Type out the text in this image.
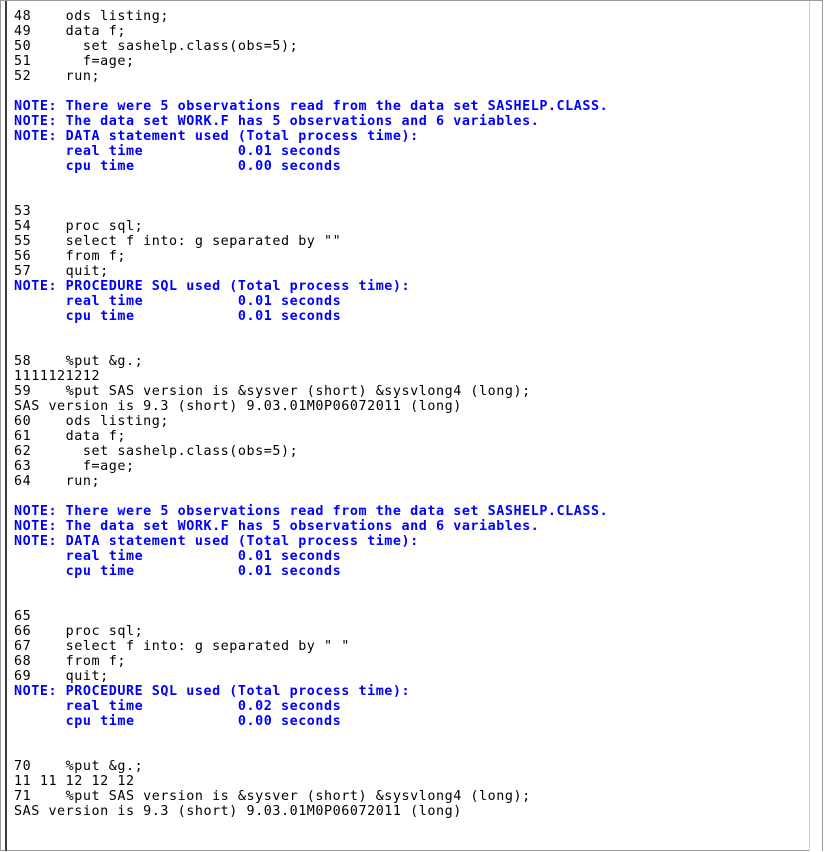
48    ods listing;
49    data f;
50      set sashelp.class(obs=5);
51      f=age;
52    run;

NOTE: There were 5 observations read from the data set SASHELP.CLASS.
NOTE: The data set WORK.F has 5 observations and 6 variables.
NOTE: DATA statement used (Total process time):
real time           0.01 seconds
cpu time            0.00 seconds

53
54    proc sql;
55    select f into: g separated by ""
56    from f;
57    quit;
NOTE: PROCEDURE SQL used (Total process time):
real time           0.01 seconds
cpu time            0.01 seconds

58    %put &g.;
1111121212
59    %put SAS version is &sysver (short) &sysvlong4 (long);
SAS version is 9.3 (short) 9.03.01M0P06072011 (long)
60    ods listing;
61    data f;
62      set sashelp.class(obs=5);
63      f=age;
64    run;

NOTE: There were 5 observations read from the data set SASHELP.CLASS.
NOTE: The data set WORK.F has 5 observations and 6 variables.
NOTE: DATA statement used (Total process time):
real time           0.01 seconds
cpu time            0.01 seconds

65
66    proc sql;
67    select f into: g separated by " "
68    from f;
69    quit;
NOTE: PROCEDURE SQL used (Total process time):
real time           0.02 seconds
cpu time            0.00 seconds

70    %put &g.;
11 11 12 12 12
71    %put SAS version is &sysver (short) &sysvlong4 (long);
SAS version is 9.3 (short) 9.03.01M0P06072011 (long)
